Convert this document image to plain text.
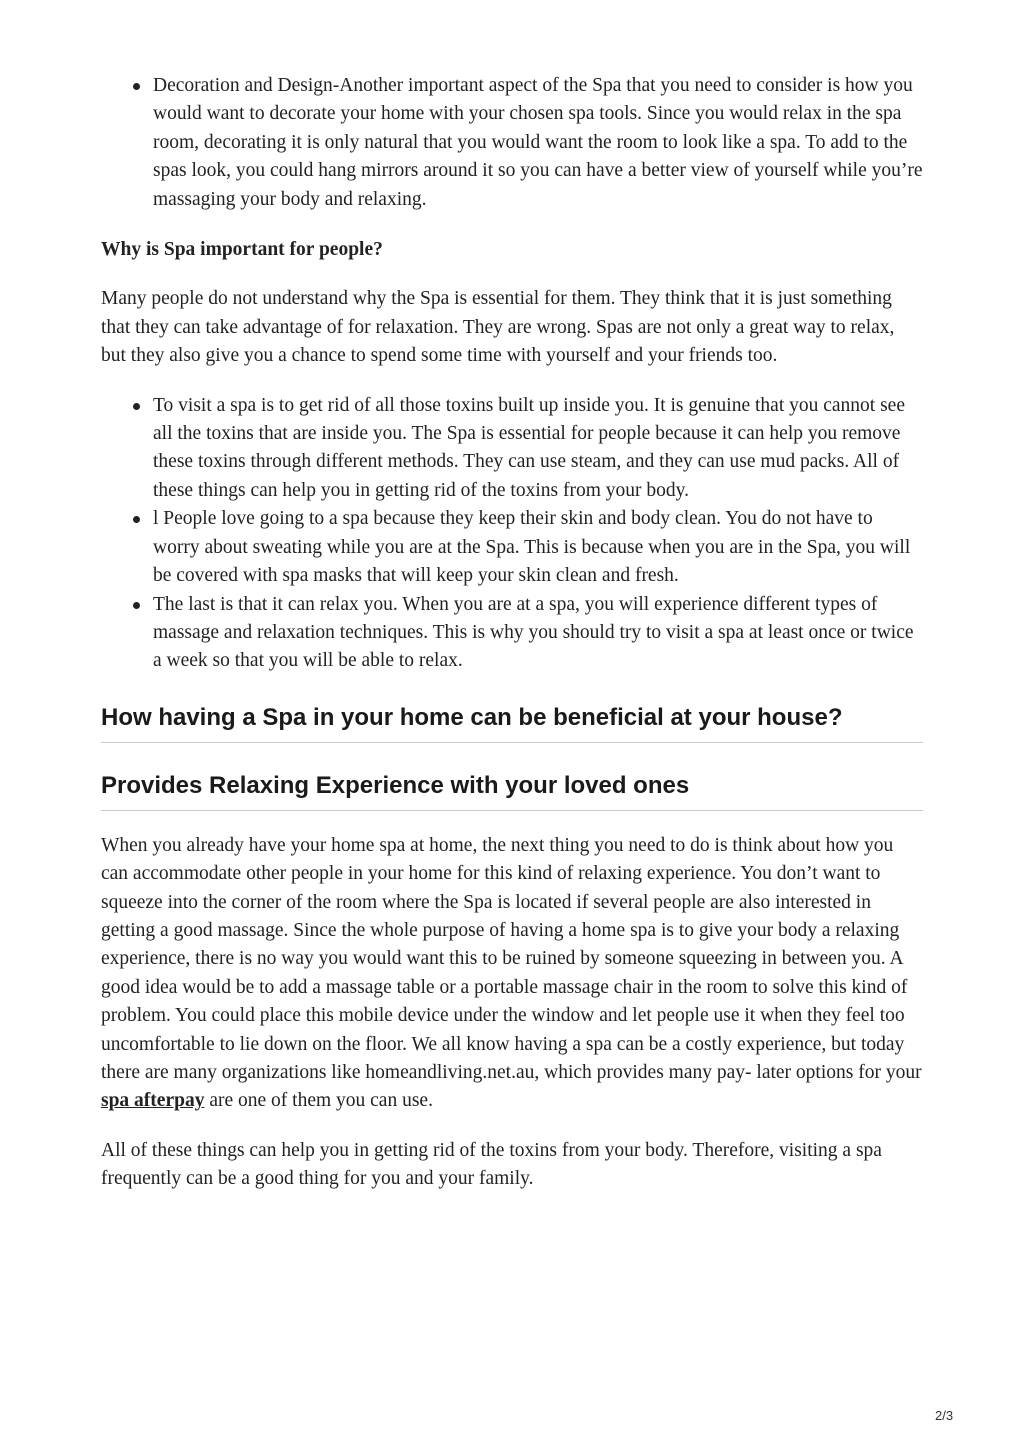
Decoration and Design-Another important aspect of the Spa that you need to consider is how you would want to decorate your home with your chosen spa tools. Since you would relax in the spa room, decorating it is only natural that you would want the room to look like a spa. To add to the spas look, you could hang mirrors around it so you can have a better view of yourself while you’re massaging your body and relaxing.

Why is Spa important for people?

Many people do not understand why the Spa is essential for them. They think that it is just something that they can take advantage of for relaxation. They are wrong. Spas are not only a great way to relax, but they also give you a chance to spend some time with yourself and your friends too.

To visit a spa is to get rid of all those toxins built up inside you. It is genuine that you cannot see all the toxins that are inside you. The Spa is essential for people because it can help you remove these toxins through different methods. They can use steam, and they can use mud packs. All of these things can help you in getting rid of the toxins from your body.
l People love going to a spa because they keep their skin and body clean. You do not have to worry about sweating while you are at the Spa. This is because when you are in the Spa, you will be covered with spa masks that will keep your skin clean and fresh.
The last is that it can relax you. When you are at a spa, you will experience different types of massage and relaxation techniques. This is why you should try to visit a spa at least once or twice a week so that you will be able to relax.
How having a Spa in your home can be beneficial at your house?
Provides Relaxing Experience with your loved ones

When you already have your home spa at home, the next thing you need to do is think about how you can accommodate other people in your home for this kind of relaxing experience. You don’t want to squeeze into the corner of the room where the Spa is located if several people are also interested in getting a good massage. Since the whole purpose of having a home spa is to give your body a relaxing experience, there is no way you would want this to be ruined by someone squeezing in between you. A good idea would be to add a massage table or a portable massage chair in the room to solve this kind of problem. You could place this mobile device under the window and let people use it when they feel too uncomfortable to lie down on the floor. We all know having a spa can be a costly experience, but today there are many organizations like homeandliving.net.au, which provides many pay- later options for your spa afterpay are one of them you can use.

All of these things can help you in getting rid of the toxins from your body. Therefore, visiting a spa frequently can be a good thing for you and your family.

2/3
